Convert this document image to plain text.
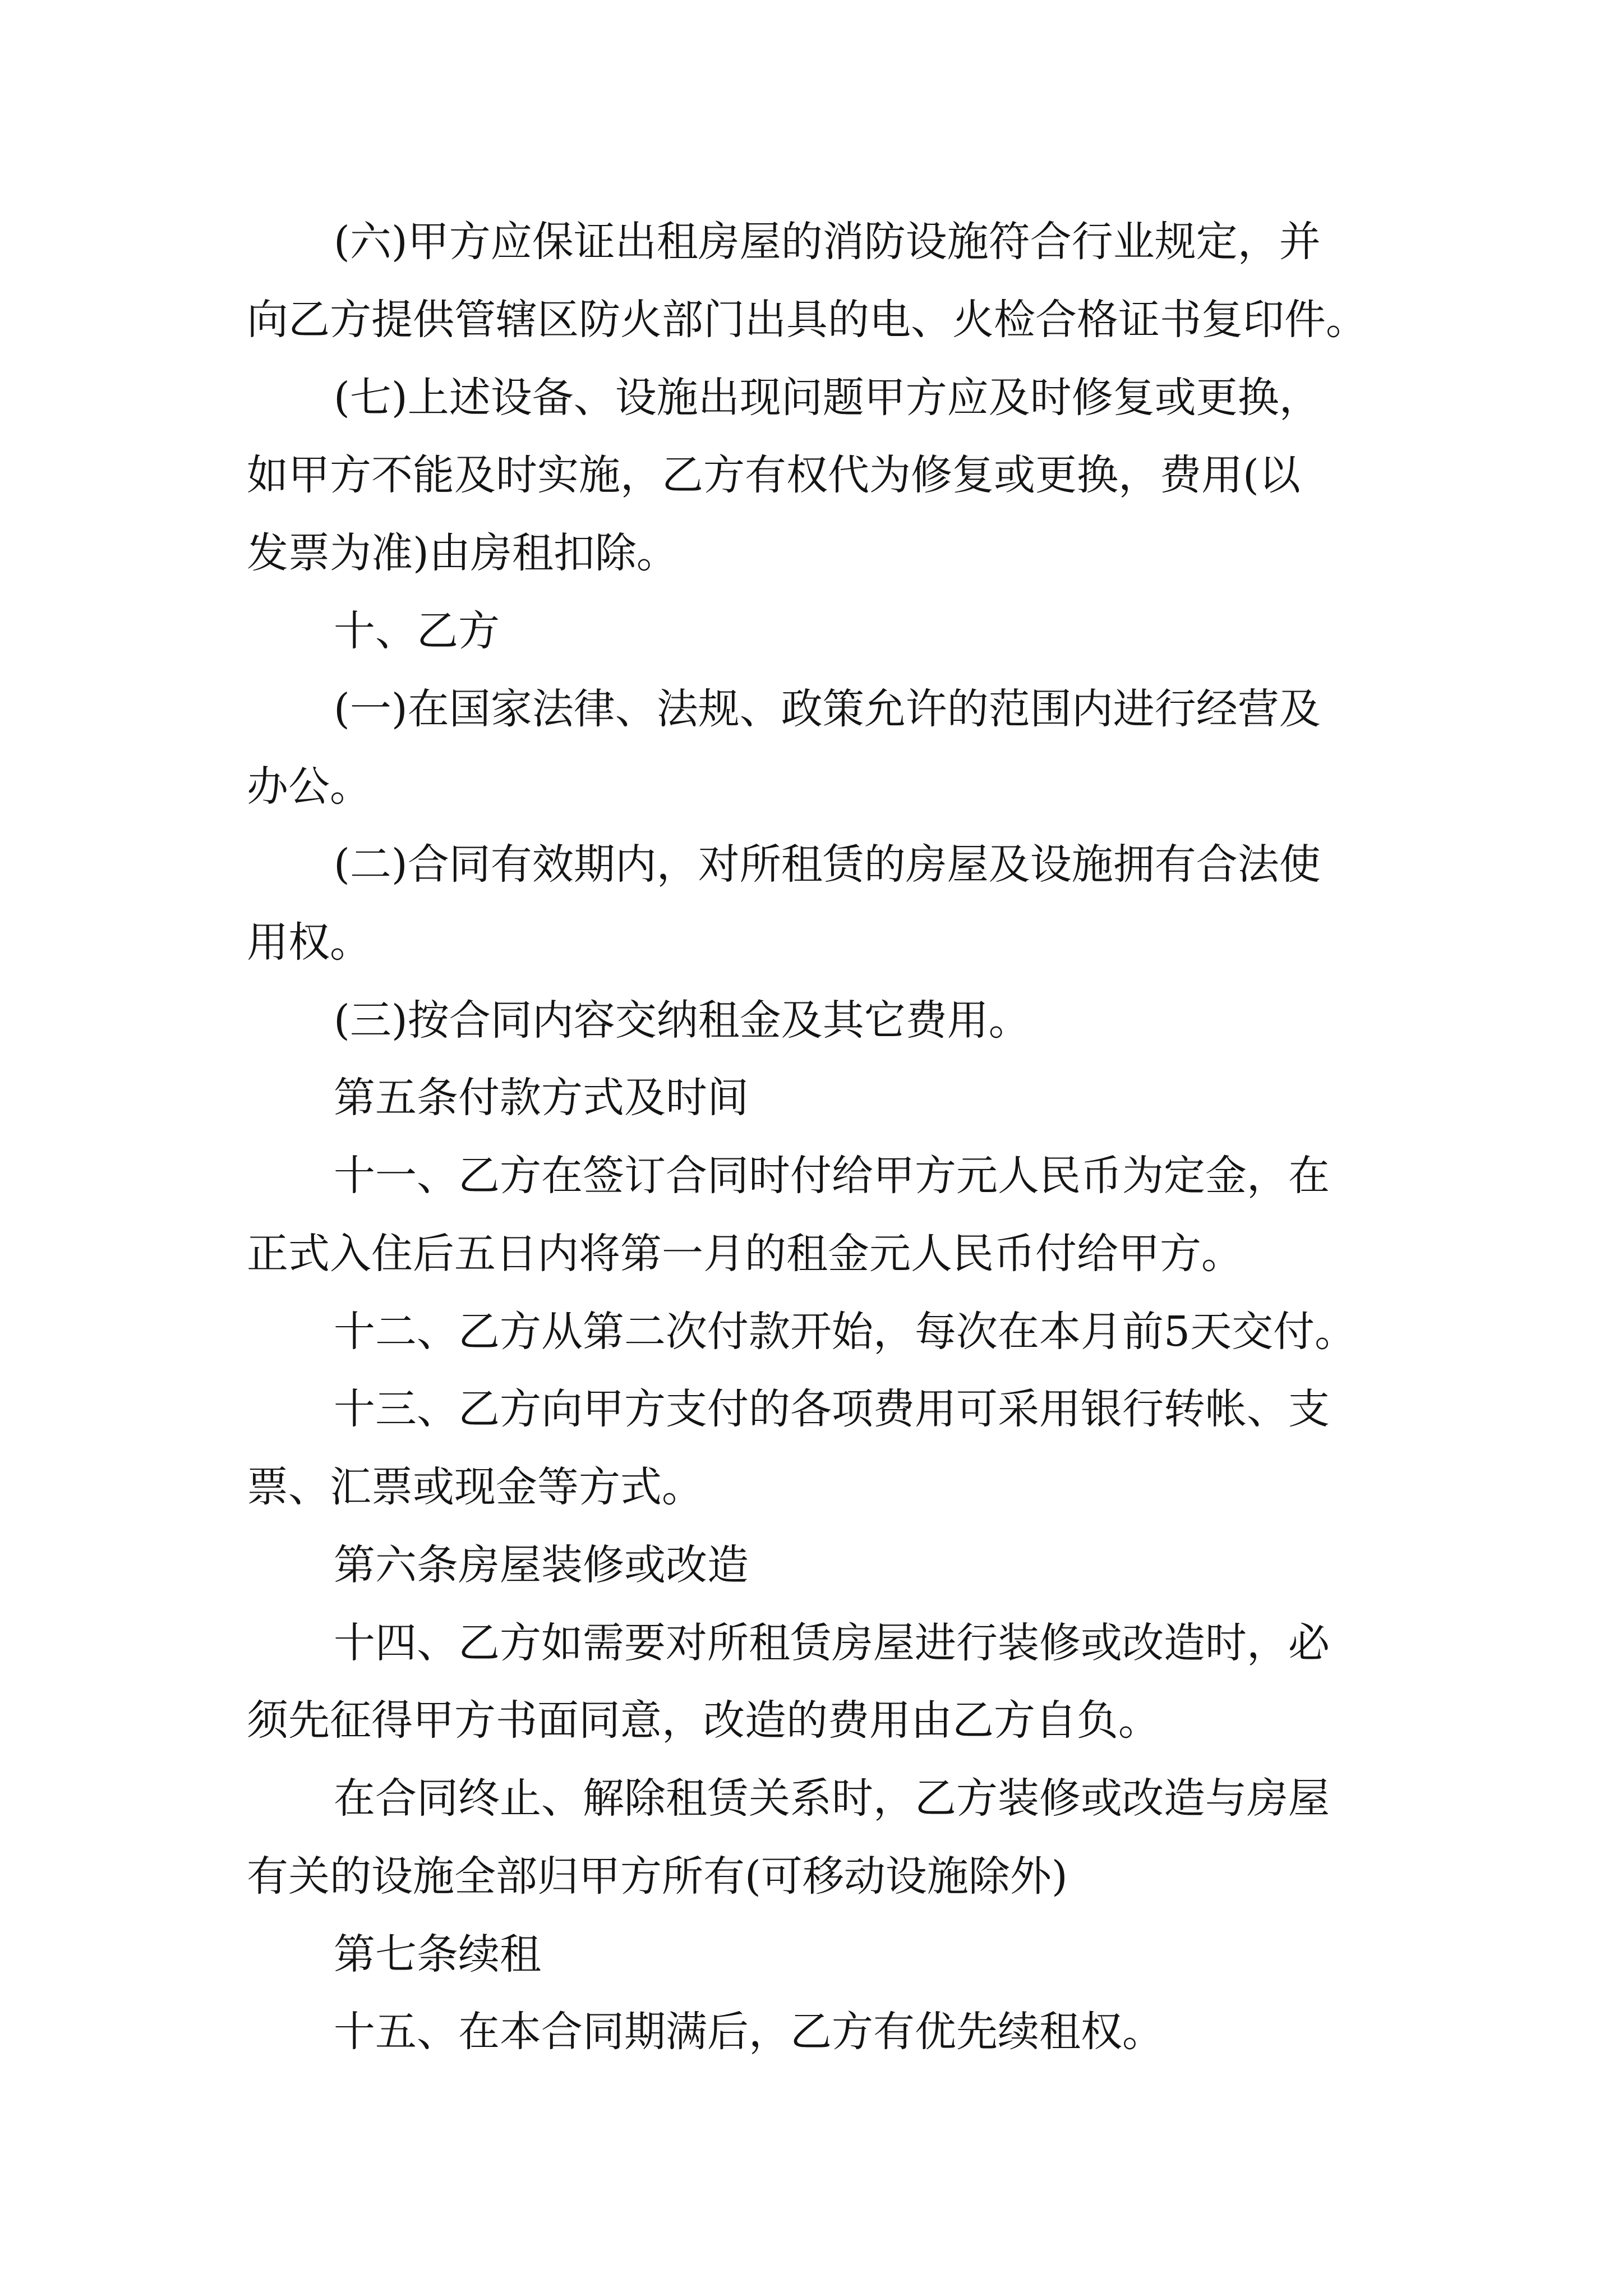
(六)甲方应保证出租房屋的消防设施符合行业规定，并
向乙方提供管辖区防火部门出具的电、火检合格证书复印件。
(七)上述设备、设施出现问题甲方应及时修复或更换，
如甲方不能及时实施，乙方有权代为修复或更换，费用(以
发票为准)由房租扣除。
十、乙方
(一)在国家法律、法规、政策允许的范围内进行经营及
办公。
(二)合同有效期内，对所租赁的房屋及设施拥有合法使
用权。
(三)按合同内容交纳租金及其它费用。
第五条付款方式及时间
十一、乙方在签订合同时付给甲方元人民币为定金，在
正式入住后五日内将第一月的租金元人民币付给甲方。
十二、乙方从第二次付款开始，每次在本月前5天交付。
十三、乙方向甲方支付的各项费用可采用银行转帐、支
票、汇票或现金等方式。
第六条房屋装修或改造
十四、乙方如需要对所租赁房屋进行装修或改造时，必
须先征得甲方书面同意，改造的费用由乙方自负。
在合同终止、解除租赁关系时，乙方装修或改造与房屋
有关的设施全部归甲方所有(可移动设施除外)
第七条续租
十五、在本合同期满后，乙方有优先续租权。
